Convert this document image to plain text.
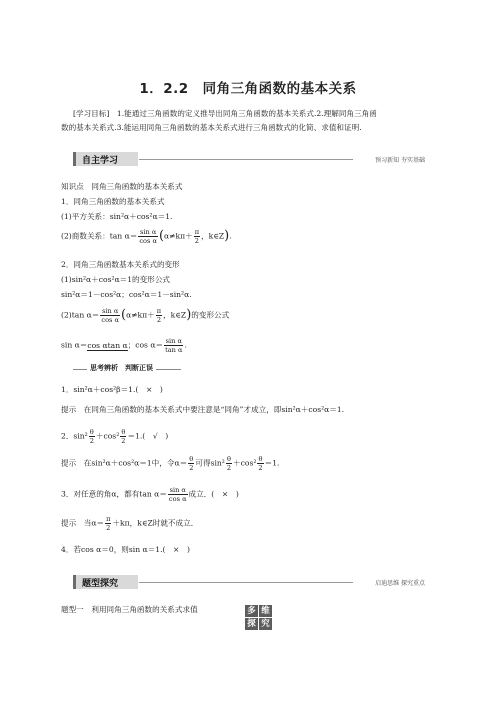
1．2.2　同角三角函数的基本关系
[学习目标]　1.能通过三角函数的定义推导出同角三角函数的基本关系式.2.理解同角三角函
数的基本关系式.3.能运用同角三角函数的基本关系式进行三角函数式的化简、求值和证明.
自主学习	预习新知 夯实基础
知识点　同角三角函数的基本关系式
1．同角三角函数的基本关系式
(1)平方关系：sin²α＋cos²α＝1.
(2)商数关系：$\tan \alpha= \frac{\text{sin α}}{\text{cos α}} (\alpha\ne k\pi+ \frac{\pi}{2}$ ，k∈Z).
2．同角三角函数基本关系式的变形
(1)sin²α＋cos²α＝1的变形公式
sin²α＝1－cos²α；cos²α＝1－sin²α.
(2)tan $\alpha= \frac{\text{sin α}}{\text{cos α}} (\alpha\ne k\pi+ \frac{\pi}{2}$ ，k∈Z)的变形公式
sin α＝cos αtan α；$\cos \alpha= \frac{\text{sin α}}{\text{tan α}}$ .
思考辨析　判断正误
1．sin²α＋cos²β＝1.(　×　)
提示　在同角三角函数的基本关系式中要注意是“同角”才成立，即sin²α＋cos²α＝1.
2．$\sin^2 \frac{\theta}{2} +\cos^2 \frac{\theta}{2} =1$.(　√　)
提示　在sin²α＋cos²α＝1中，令$\alpha= \frac{\theta}{2}$ 可得$\sin^2 \frac{\theta}{2} +\cos^2 \frac{\theta}{2} =1$.
3．对任意的角α，都有$\tan \alpha= \frac{\text{sin α}}{\text{cos α}}$ 成立．(　×　)
提示　当$\alpha= \frac{\pi}{2} +k\pi$，k∈Z时就不成立．
4．若cos α＝0，则sin α＝1.(　×　)
题型探究	启迪思维 探究重点
题型一　利用同角三角函数的关系式求值	多 维
探 究
